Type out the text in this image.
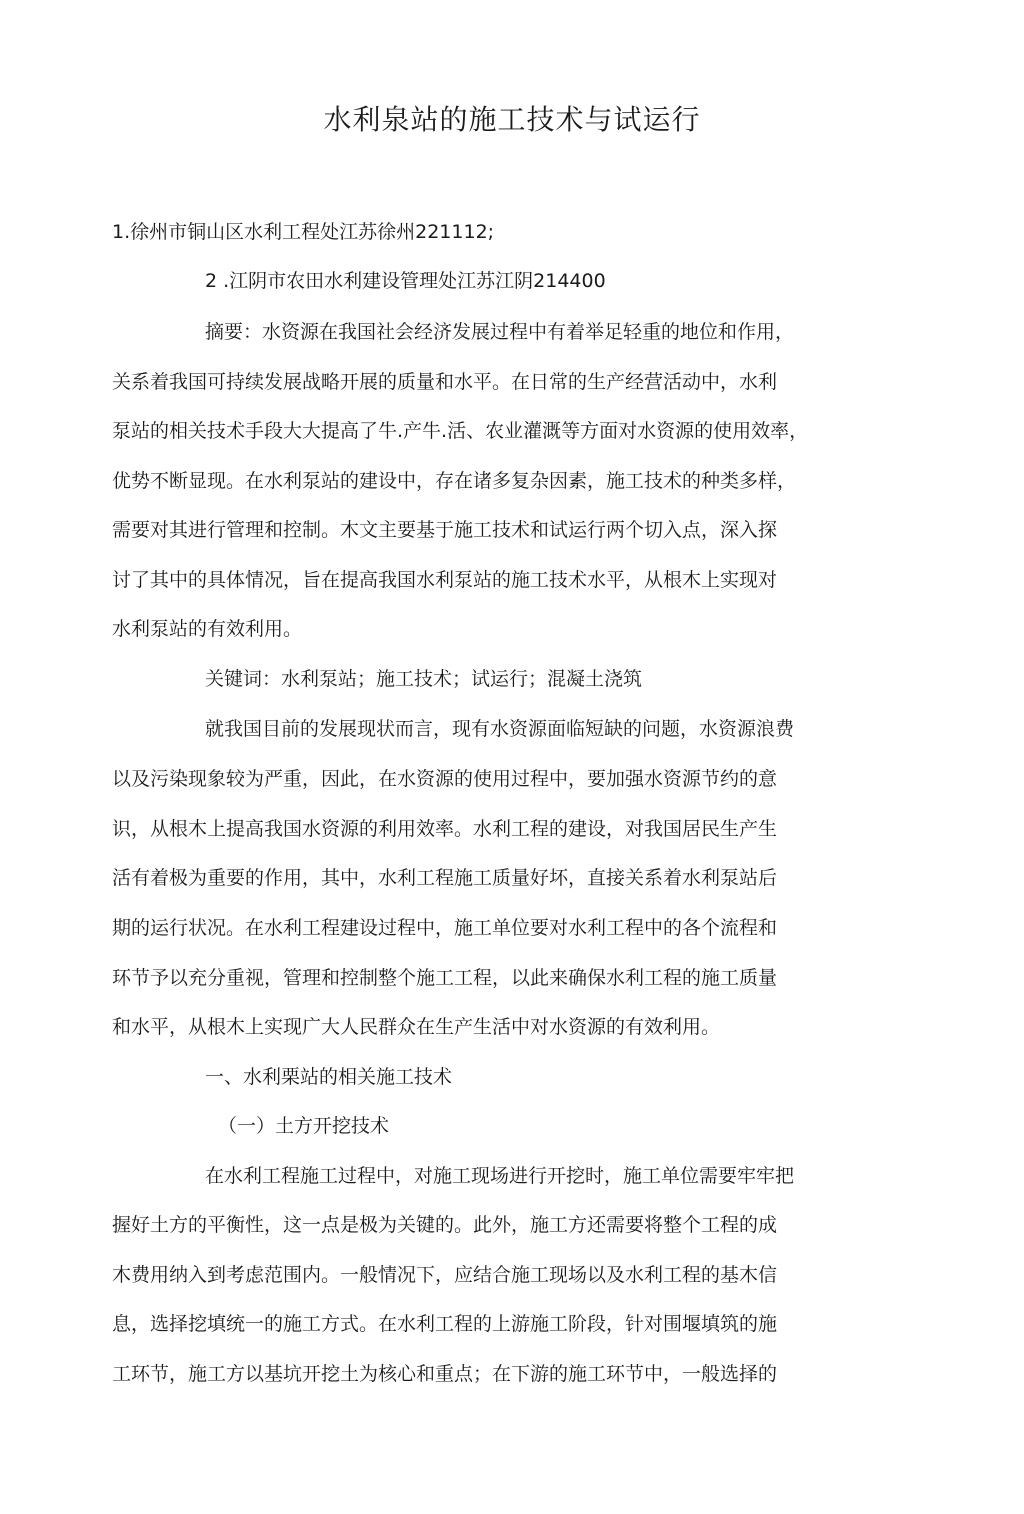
水利泉站的施工技术与试运行
1.徐州市铜山区水利工程处江苏徐州221112;
2 .江阴市农田水利建设管理处江苏江阴214400
摘要：水资源在我国社会经济发展过程中有着举足轻重的地位和作用，
关系着我国可持续发展战略开展的质量和水平。在日常的生产经营活动中，水利
泵站的相关技术手段大大提高了牛.产牛.活、农业灌溉等方面对水资源的使用效率，
优势不断显现。在水利泵站的建设中，存在诸多复杂因素，施工技术的种类多样，
需要对其进行管理和控制。木文主要基于施工技术和试运行两个切入点，深入探
讨了其中的具体情况，旨在提高我国水利泵站的施工技术水平，从根木上实现对
水利泵站的有效利用。
关键词：水利泵站；施工技术；试运行；混凝土浇筑
就我国目前的发展现状而言，现有水资源面临短缺的问题，水资源浪费
以及污染现象较为严重，因此，在水资源的使用过程中，要加强水资源节约的意
识，从根木上提高我国水资源的利用效率。水利工程的建设，对我国居民生产生
活有着极为重要的作用，其中，水利工程施工质量好坏，直接关系着水利泵站后
期的运行状况。在水利工程建设过程中，施工单位要对水利工程中的各个流程和
环节予以充分重视，管理和控制整个施工工程，以此来确保水利工程的施工质量
和水平，从根木上实现广大人民群众在生产生活中对水资源的有效利用。
一、水利栗站的相关施工技术
（一）土方开挖技术
在水利工程施工过程中，对施工现场进行开挖时，施工单位需要牢牢把
握好土方的平衡性，这一点是极为关键的。此外，施工方还需要将整个工程的成
木费用纳入到考虑范围内。一般情况下，应结合施工现场以及水利工程的基木信
息，选择挖填统一的施工方式。在水利工程的上游施工阶段，针对围堰填筑的施
工环节，施工方以基坑开挖土为核心和重点；在下游的施工环节中，一般选择的
